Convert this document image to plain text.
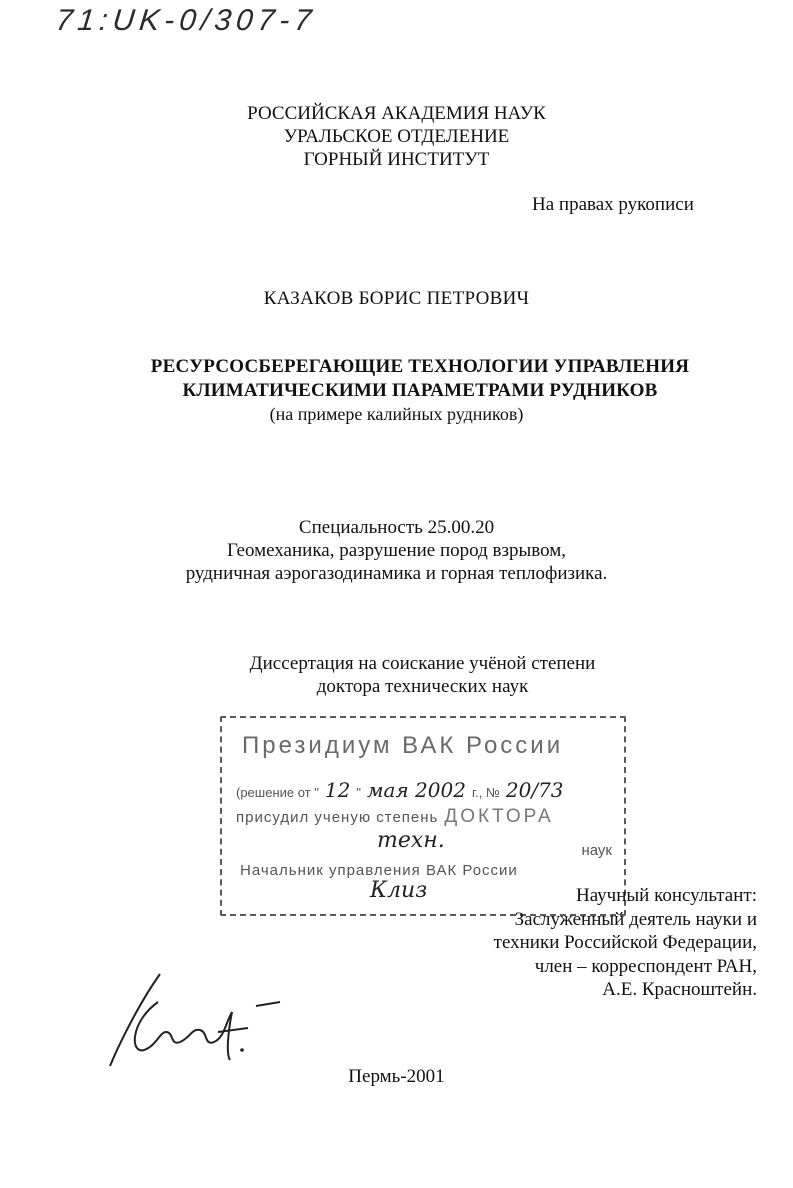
71:UK-0/307-7
РОССИЙСКАЯ АКАДЕМИЯ НАУК
УРАЛЬСКОЕ ОТДЕЛЕНИЕ
ГОРНЫЙ ИНСТИТУТ
На правах рукописи
КАЗАКОВ БОРИС ПЕТРОВИЧ
РЕСУРСОСБЕРЕГАЮЩИЕ ТЕХНОЛОГИИ УПРАВЛЕНИЯ
КЛИМАТИЧЕСКИМИ ПАРАМЕТРАМИ РУДНИКОВ
(на примере калийных рудников)
Специальность 25.00.20
Геомеханика, разрушение пород взрывом,
рудничная аэрогазодинамика и горная теплофизика.
Диссертация на соискание учёной степени
доктора технических наук
Президиум ВАК России
(решение от " 12 " мая 2002 г., № 20/73
присудил ученую степень ДОКТОРА
техн.	наук
Начальник управления ВАК России
Клиз	Научный консультант:
Заслуженный деятель науки и
техники Российской Федерации,
член – корреспондент РАН,
А.Е. Красноштейн.
Пермь-2001
